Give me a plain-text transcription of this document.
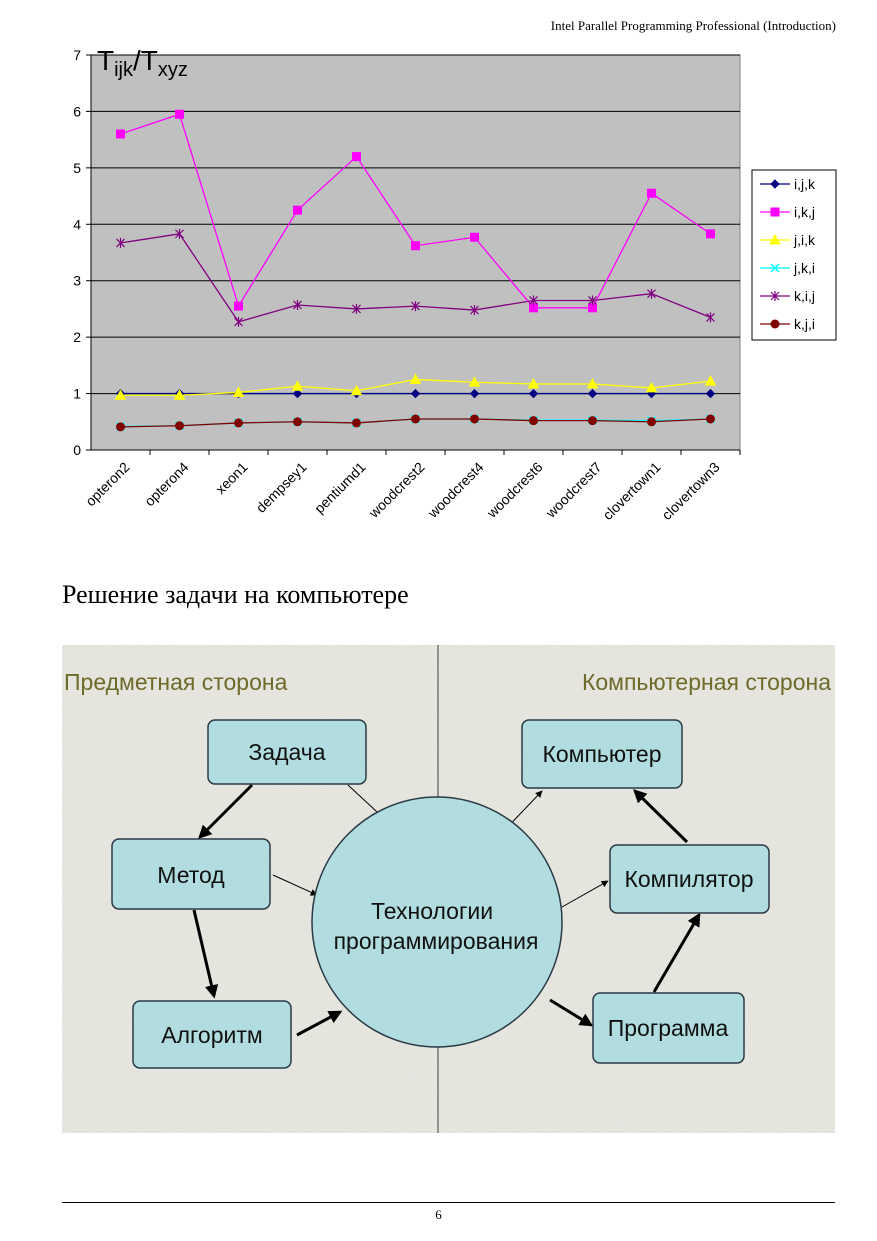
Intel Parallel Programming Professional (Introduction)
0
1
2
3
4
5
6
7
opteron2 opteron4 xeon1 dempsey1 pentiumd1
woodcrest2
woodcrest4
woodcrest6
woodcrest7
clovertown1
clovertown3
$T_{ijk}/T_{xyz}$
i,j,k
i,k,j
j,i,k
j,k,i
k,i,j
k,j,i
Решение задачи на компьютере
Предметная сторона	Компьютерная сторона
Технологии
программирования
Задача
Метод
Алгоритм
Компьютер
Компилятор
Программа
6
